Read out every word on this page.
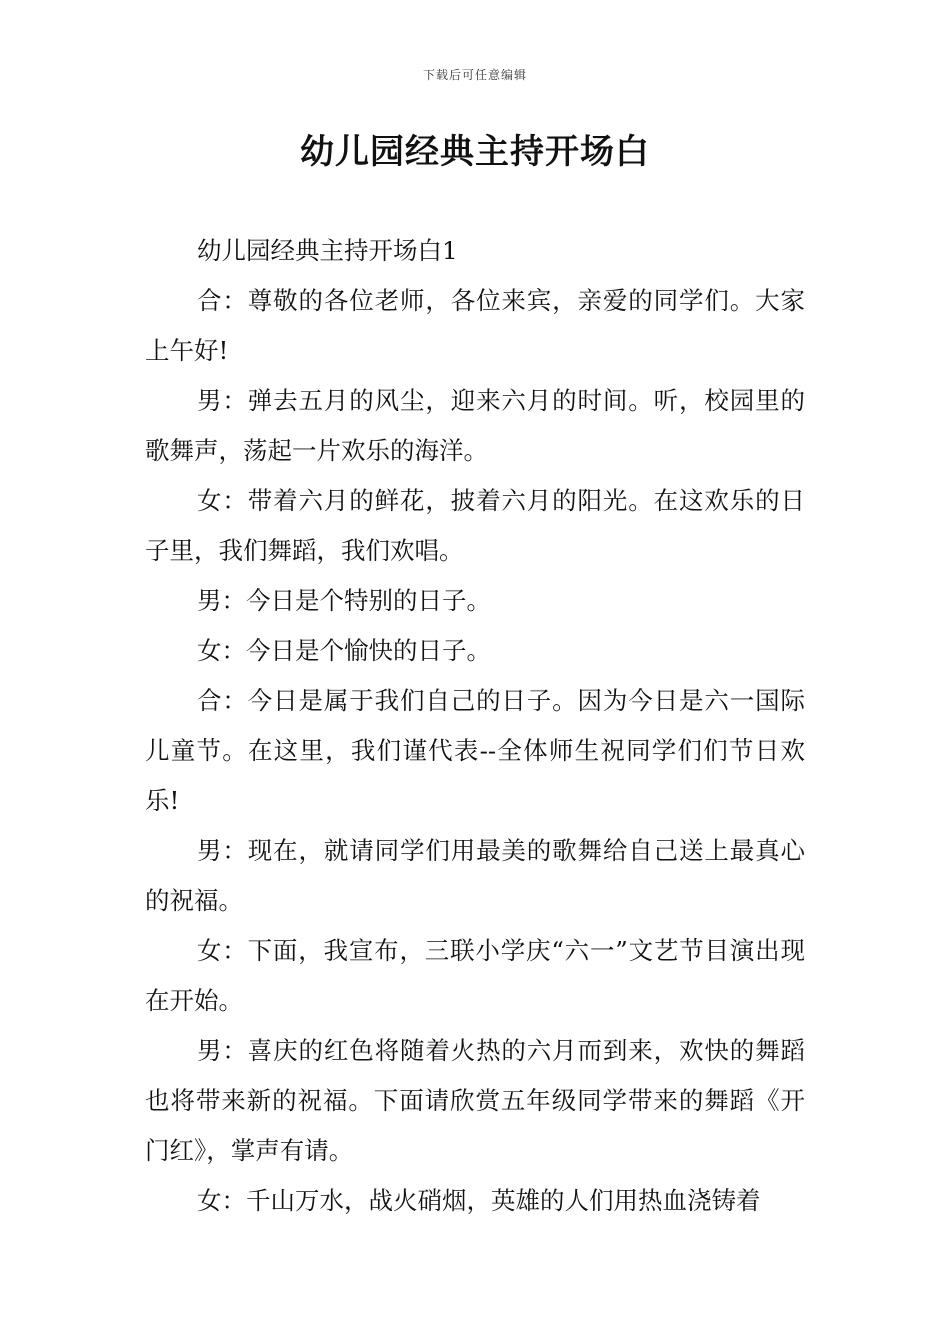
下载后可任意编辑
幼儿园经典主持开场白

幼儿园经典主持开场白1

合：尊敬的各位老师，各位来宾，亲爱的同学们。大家上午好!

男：弹去五月的风尘，迎来六月的时间。听，校园里的歌舞声，荡起一片欢乐的海洋。

女：带着六月的鲜花，披着六月的阳光。在这欢乐的日子里，我们舞蹈，我们欢唱。

男：今日是个特别的日子。

女：今日是个愉快的日子。

合：今日是属于我们自己的日子。因为今日是六一国际儿童节。在这里，我们谨代表--全体师生祝同学们们节日欢乐!

男：现在，就请同学们用最美的歌舞给自己送上最真心的祝福。

女：下面，我宣布，三联小学庆“六一”文艺节目演出现在开始。

男：喜庆的红色将随着火热的六月而到来，欢快的舞蹈也将带来新的祝福。下面请欣赏五年级同学带来的舞蹈《开门红》，掌声有请。

女：千山万水，战火硝烟，英雄的人们用热血浇铸着
